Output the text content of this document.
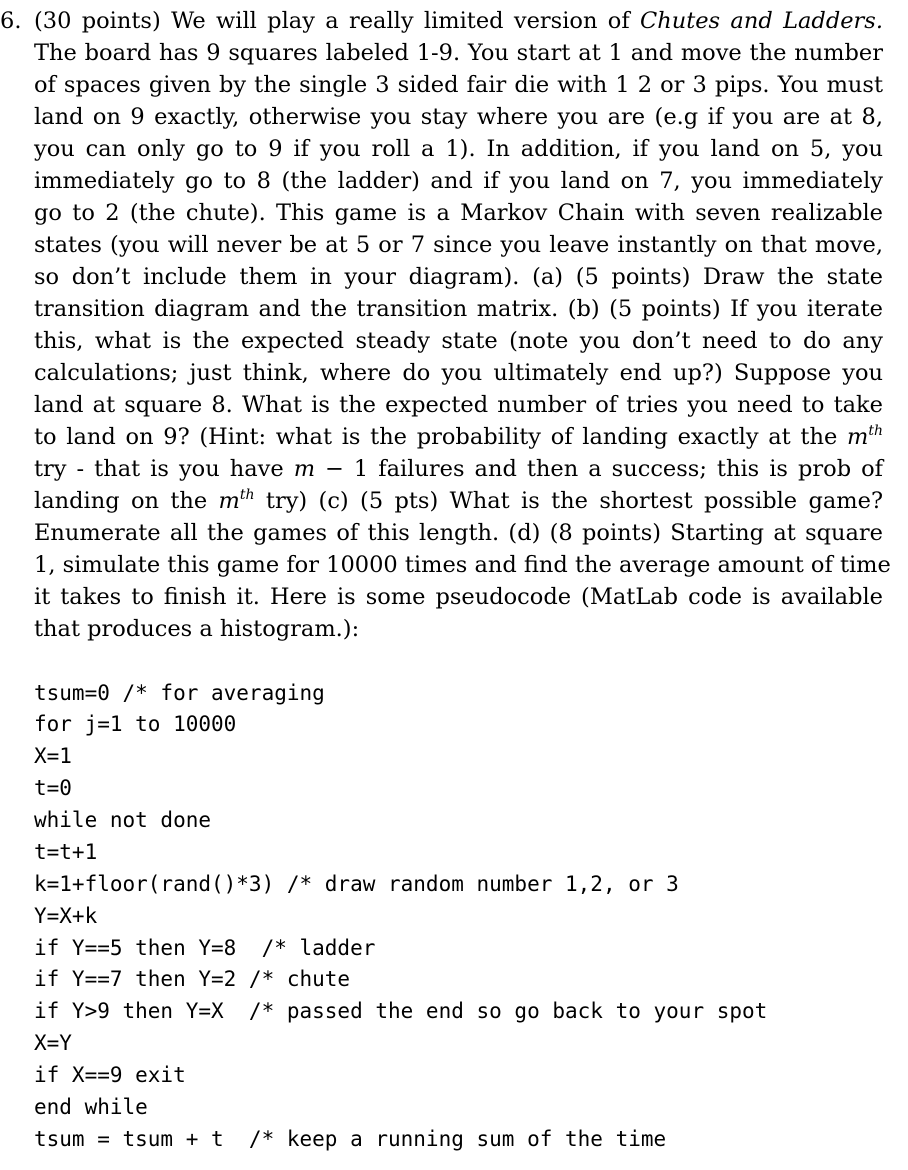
6. (30 points) We will play a really limited version of Chutes and Ladders.
The board has 9 squares labeled 1-9. You start at 1 and move the number
of spaces given by the single 3 sided fair die with 1 2 or 3 pips. You must
land on 9 exactly, otherwise you stay where you are (e.g if you are at 8,
you can only go to 9 if you roll a 1). In addition, if you land on 5, you
immediately go to 8 (the ladder) and if you land on 7, you immediately
go to 2 (the chute). This game is a Markov Chain with seven realizable
states (you will never be at 5 or 7 since you leave instantly on that move,
so don’t include them in your diagram). (a) (5 points) Draw the state
transition diagram and the transition matrix. (b) (5 points) If you iterate
this, what is the expected steady state (note you don’t need to do any
calculations; just think, where do you ultimately end up?) Suppose you
land at square 8. What is the expected number of tries you need to take
to land on 9? (Hint: what is the probability of landing exactly at the $m^{th}$
try - that is you have m − 1 failures and then a success; this is prob of
landing on the $m^{th}$ try) (c) (5 pts) What is the shortest possible game?
Enumerate all the games of this length. (d) (8 points) Starting at square
1, simulate this game for 10000 times and find the average amount of time
it takes to finish it. Here is some pseudocode (MatLab code is available
that produces a histogram.):
tsum=0 /* for averaging
for j=1 to 10000
X=1
t=0
while not done
t=t+1
k=1+floor(rand()*3) /* draw random number 1,2, or 3
Y=X+k
if Y==5 then Y=8  /* ladder
if Y==7 then Y=2 /* chute
if Y>9 then Y=X  /* passed the end so go back to your spot
X=Y
if X==9 exit
end while
tsum = tsum + t  /* keep a running sum of the time
